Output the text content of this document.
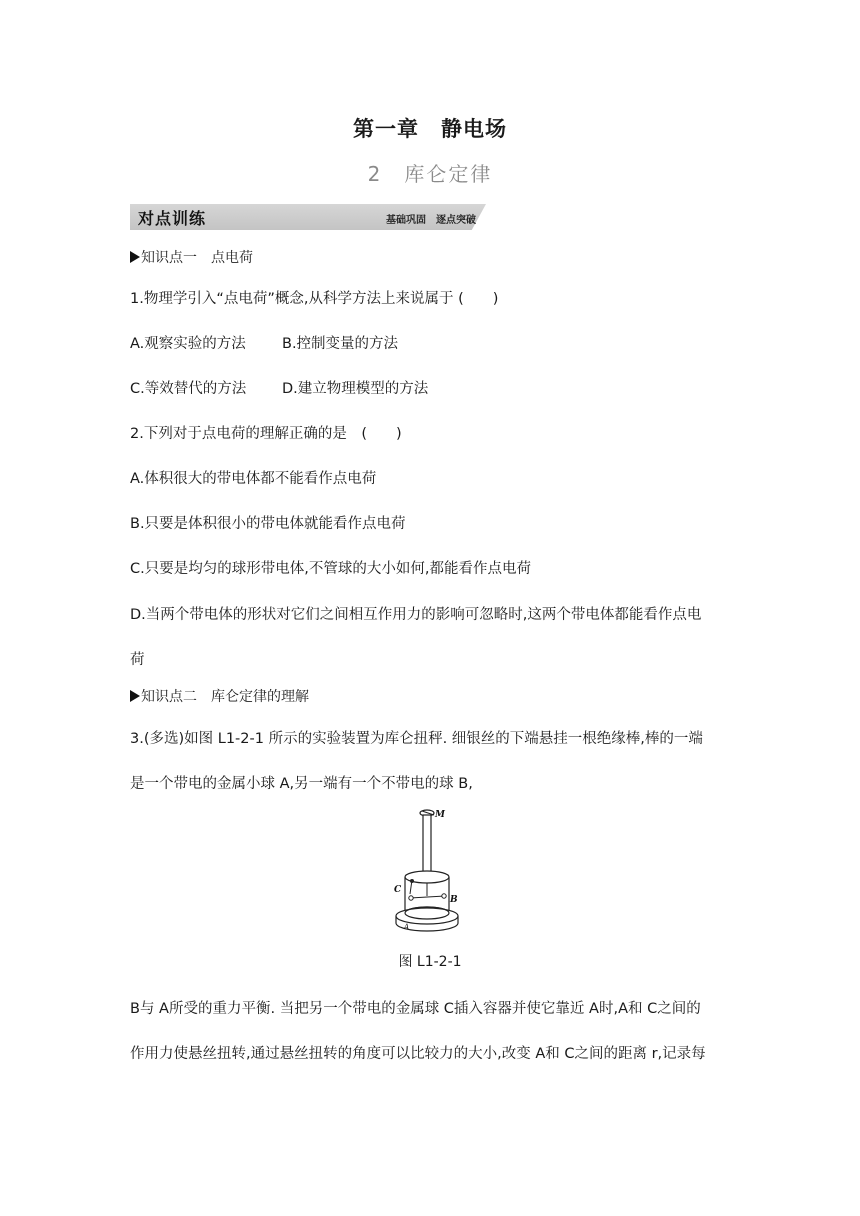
第一章　静电场
2　库仑定律
对点训练	基础巩固　逐点突破
知识点一　点电荷
1.物理学引入“点电荷”概念,从科学方法上来说属于 (　　)
A.观察实验的方法 B.控制变量的方法
C.等效替代的方法 D.建立物理模型的方法
2.下列对于点电荷的理解正确的是　(　　)
A.体积很大的带电体都不能看作点电荷
B.只要是体积很小的带电体就能看作点电荷
C.只要是均匀的球形带电体,不管球的大小如何,都能看作点电荷
D.当两个带电体的形状对它们之间相互作用力的影响可忽略时,这两个带电体都能看作点电
荷
知识点二　库仑定律的理解
3.(多选)如图 L1-2-1 所示的实验装置为库仑扭秤. 细银丝的下端悬挂一根绝缘棒,棒的一端
是一个带电的金属小球 A,另一端有一个不带电的球 B,
M
C
B
A
图 L1-2-1
B与 A所受的重力平衡. 当把另一个带电的金属球 C插入容器并使它靠近 A时,A和 C之间的
作用力使悬丝扭转,通过悬丝扭转的角度可以比较力的大小,改变 A和 C之间的距离 r,记录每
